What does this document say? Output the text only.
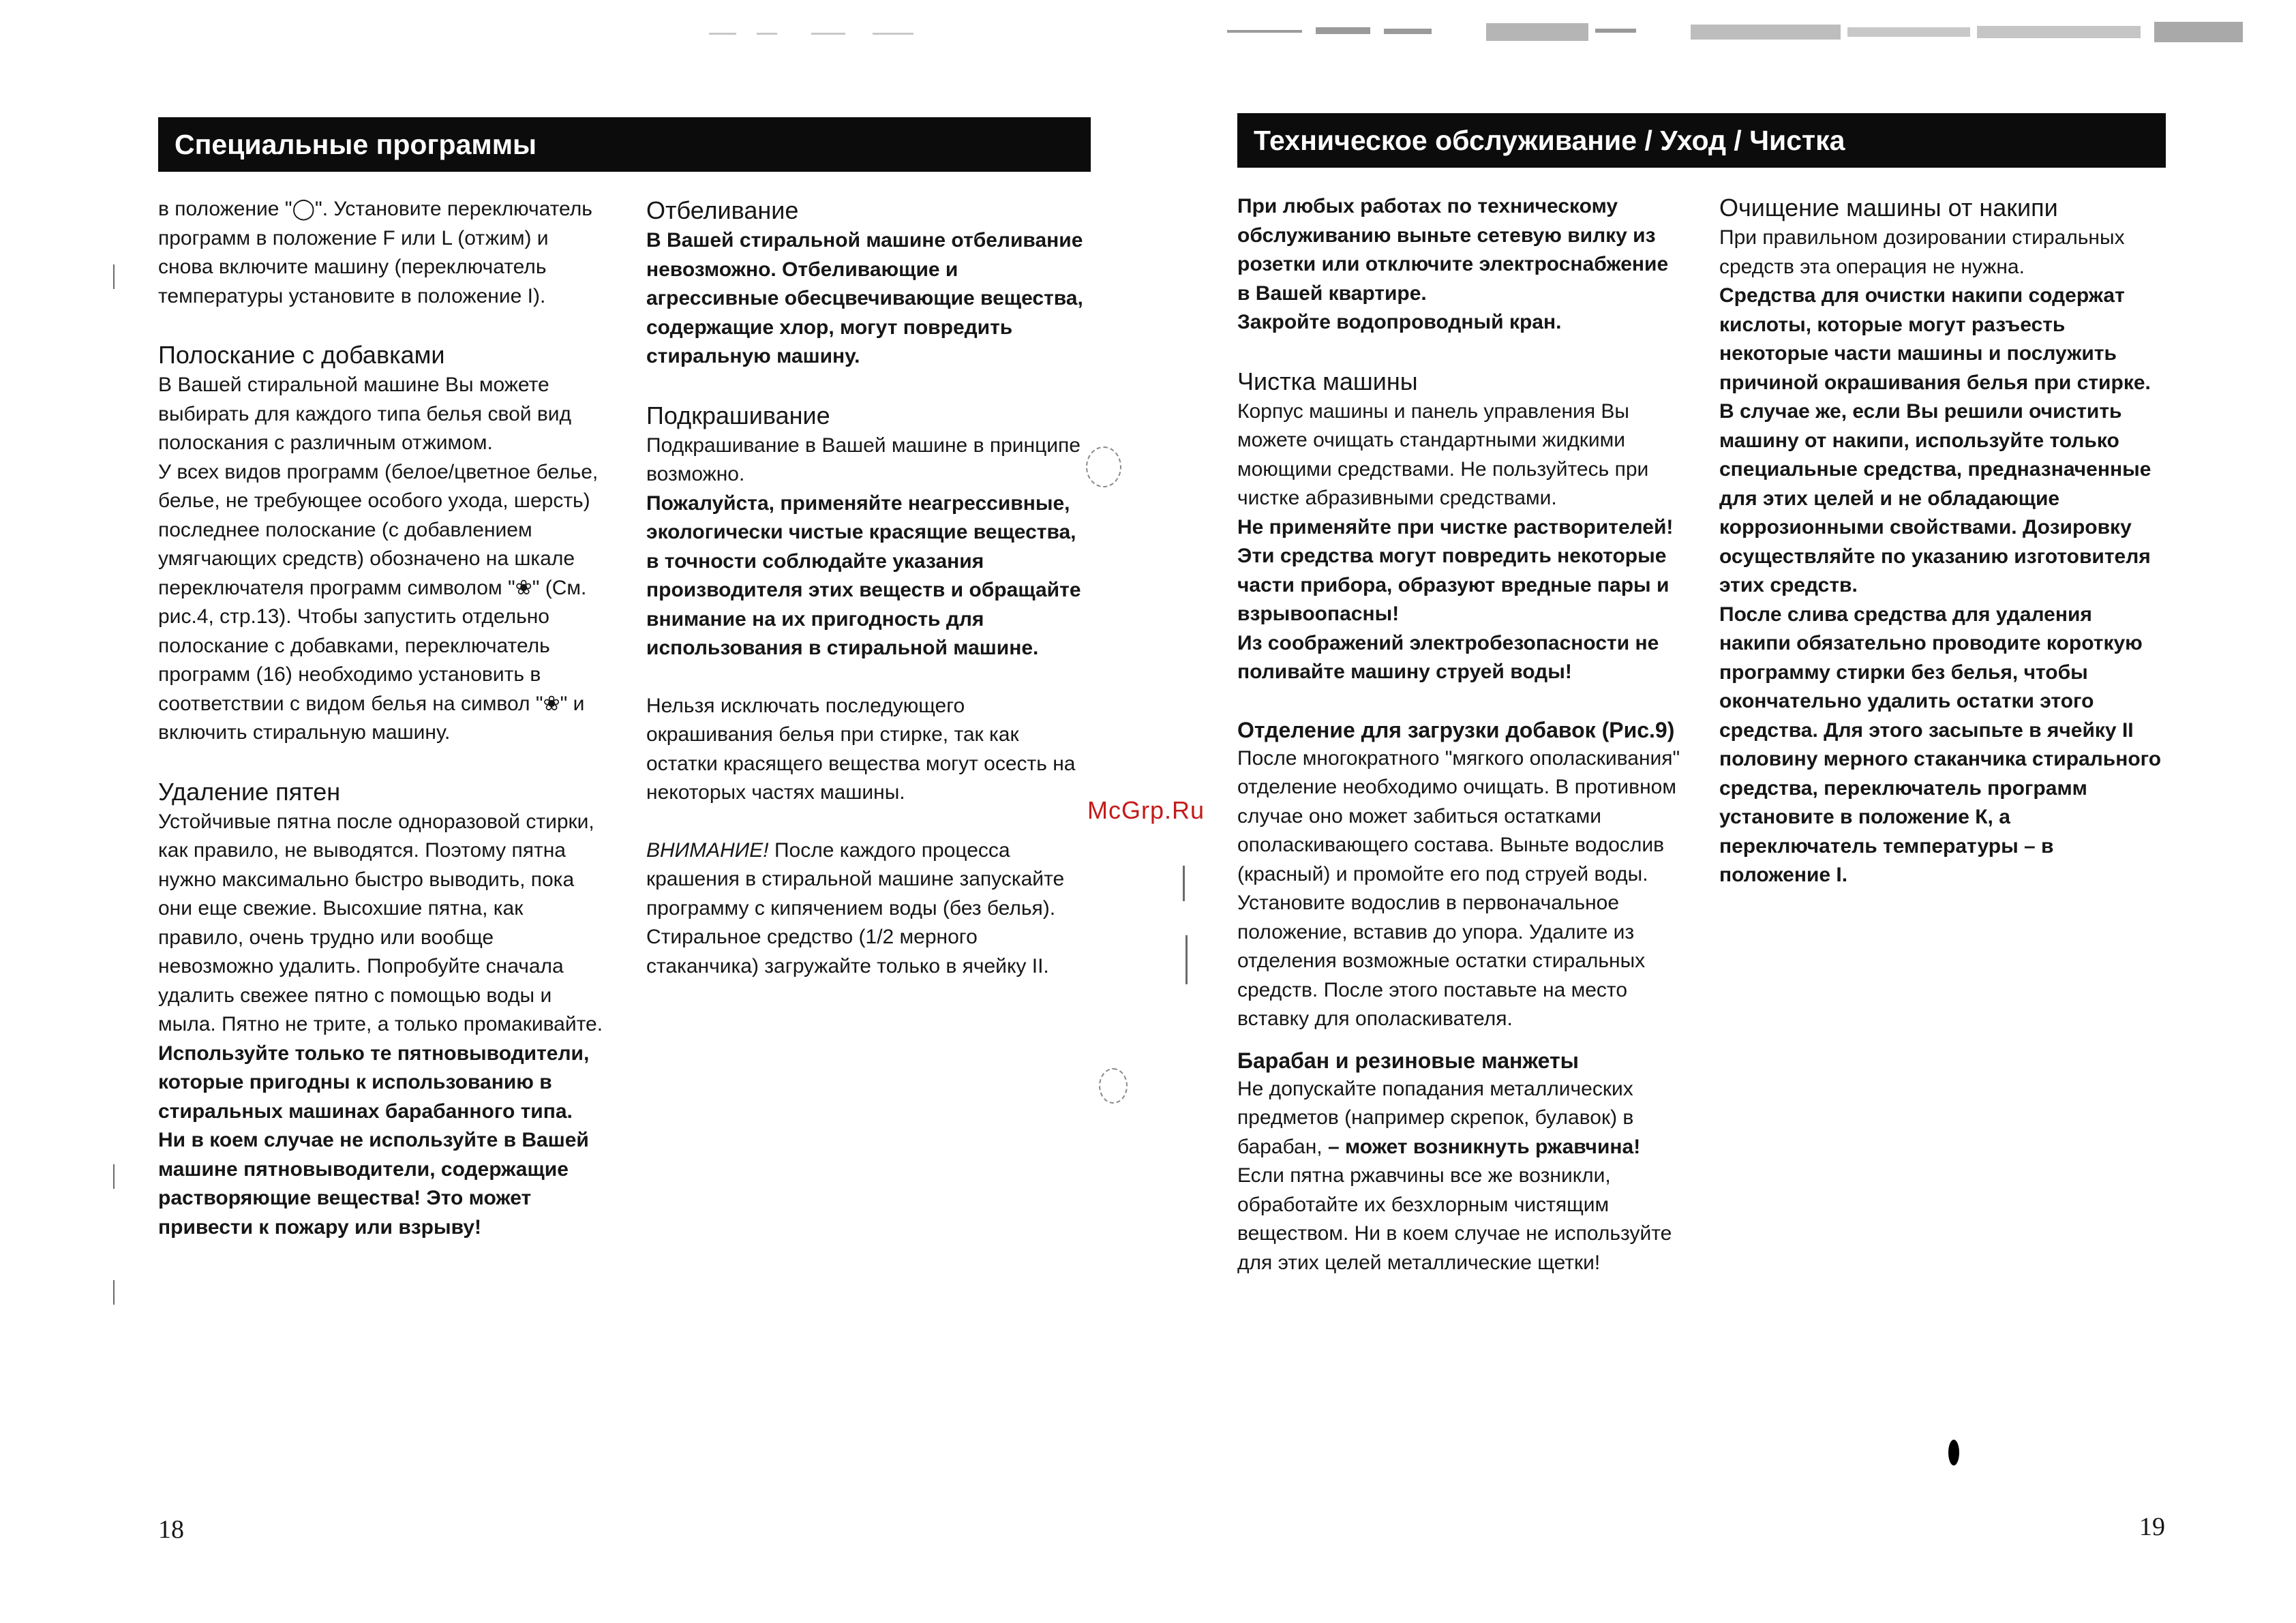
Специальные программы

в положение "◯". Установите переключатель программ в положение F или L (отжим) и снова включите машину (переключатель температуры установите в положение I).

Полоскание с добавками

В Вашей стиральной машине Вы можете выбирать для каждого типа белья свой вид полоскания с различным отжимом.

У всех видов программ (белое/цветное белье, белье, не требующее особого ухода, шерсть) последнее полоскание (с добавлением умягчающих средств) обозначено на шкале переключателя программ символом "❀" (См. рис.4, стр.13). Чтобы запустить отдельно полоскание с добавками, переключатель программ (16) необходимо установить в соответствии с видом белья на символ "❀" и включить стиральную машину.

Удаление пятен

Устойчивые пятна после одноразовой стирки, как правило, не выводятся. Поэтому пятна нужно максимально быстро выводить, пока они еще свежие. Высохшие пятна, как правило, очень трудно или вообще невозможно удалить. Попробуйте сначала удалить свежее пятно с помощью воды и мыла. Пятно не трите, а только промакивайте.

Используйте только те пятновыводители, которые пригодны к использованию в стиральных машинах барабанного типа.

Ни в коем случае не используйте в Вашей машине пятновыводители, содержащие растворяющие вещества! Это может привести к пожару или взрыву!

Отбеливание

В Вашей стиральной машине отбеливание невозможно. Отбеливающие и агрессивные обесцвечивающие вещества, содержащие хлор, могут повредить стиральную машину.

Подкрашивание

Подкрашивание в Вашей машине в принципе возможно.

Пожалуйста, применяйте неагрессивные, экологически чистые красящие вещества, в точности соблюдайте указания производителя этих веществ и обращайте внимание на их пригодность для использования в стиральной машине.

Нельзя исключать последующего окрашивания белья при стирке, так как остатки красящего вещества могут осесть на некоторых частях машины.

ВНИМАНИЕ! После каждого процесса крашения в стиральной машине запускайте программу с кипячением воды (без белья). Стиральное средство (1/2 мерного стаканчика) загружайте только в ячейку II.

18
Техническое обслуживание / Уход / Чистка

При любых работах по техническому обслуживанию выньте сетевую вилку из розетки или отключите электроснабжение в Вашей квартире.

Закройте водопроводный кран.

Чистка машины

Корпус машины и панель управления Вы можете очищать стандартными жидкими моющими средствами. Не пользуйтесь при чистке абразивными средствами.

Не применяйте при чистке растворителей! Эти средства могут повредить некоторые части прибора, образуют вредные пары и взрывоопасны!

Из соображений электробезопасности не поливайте машину струей воды!

Отделение для загрузки добавок (Рис.9)

После многократного "мягкого ополаскивания" отделение необходимо очищать. В противном случае оно может забиться остатками ополаскивающего состава. Выньте водослив (красный) и промойте его под струей воды. Установите водослив в первоначальное положение, вставив до упора. Удалите из отделения возможные остатки стиральных средств. После этого поставьте на место вставку для ополаскивателя.

Барабан и резиновые манжеты

Не допускайте попадания металлических предметов (например скрепок, булавок) в барабан, – может возникнуть ржавчина! Если пятна ржавчины все же возникли, обработайте их безхлорным чистящим веществом. Ни в коем случае не используйте для этих целей металлические щетки!

Очищение машины от накипи

При правильном дозировании стиральных средств эта операция не нужна.

Средства для очистки накипи содержат кислоты, которые могут разъесть некоторые части машины и послужить причиной окрашивания белья при стирке.

В случае же, если Вы решили очистить машину от накипи, используйте только специальные средства, предназначенные для этих целей и не обладающие коррозионными свойствами. Дозировку осуществляйте по указанию изготовителя этих средств.

После слива средства для удаления накипи обязательно проводите короткую программу стирки без белья, чтобы окончательно удалить остатки этого средства. Для этого засыпьте в ячейку II половину мерного стаканчика стирального средства, переключатель программ установите в положение К, а переключатель температуры – в положение I.

19
McGrp.Ru
